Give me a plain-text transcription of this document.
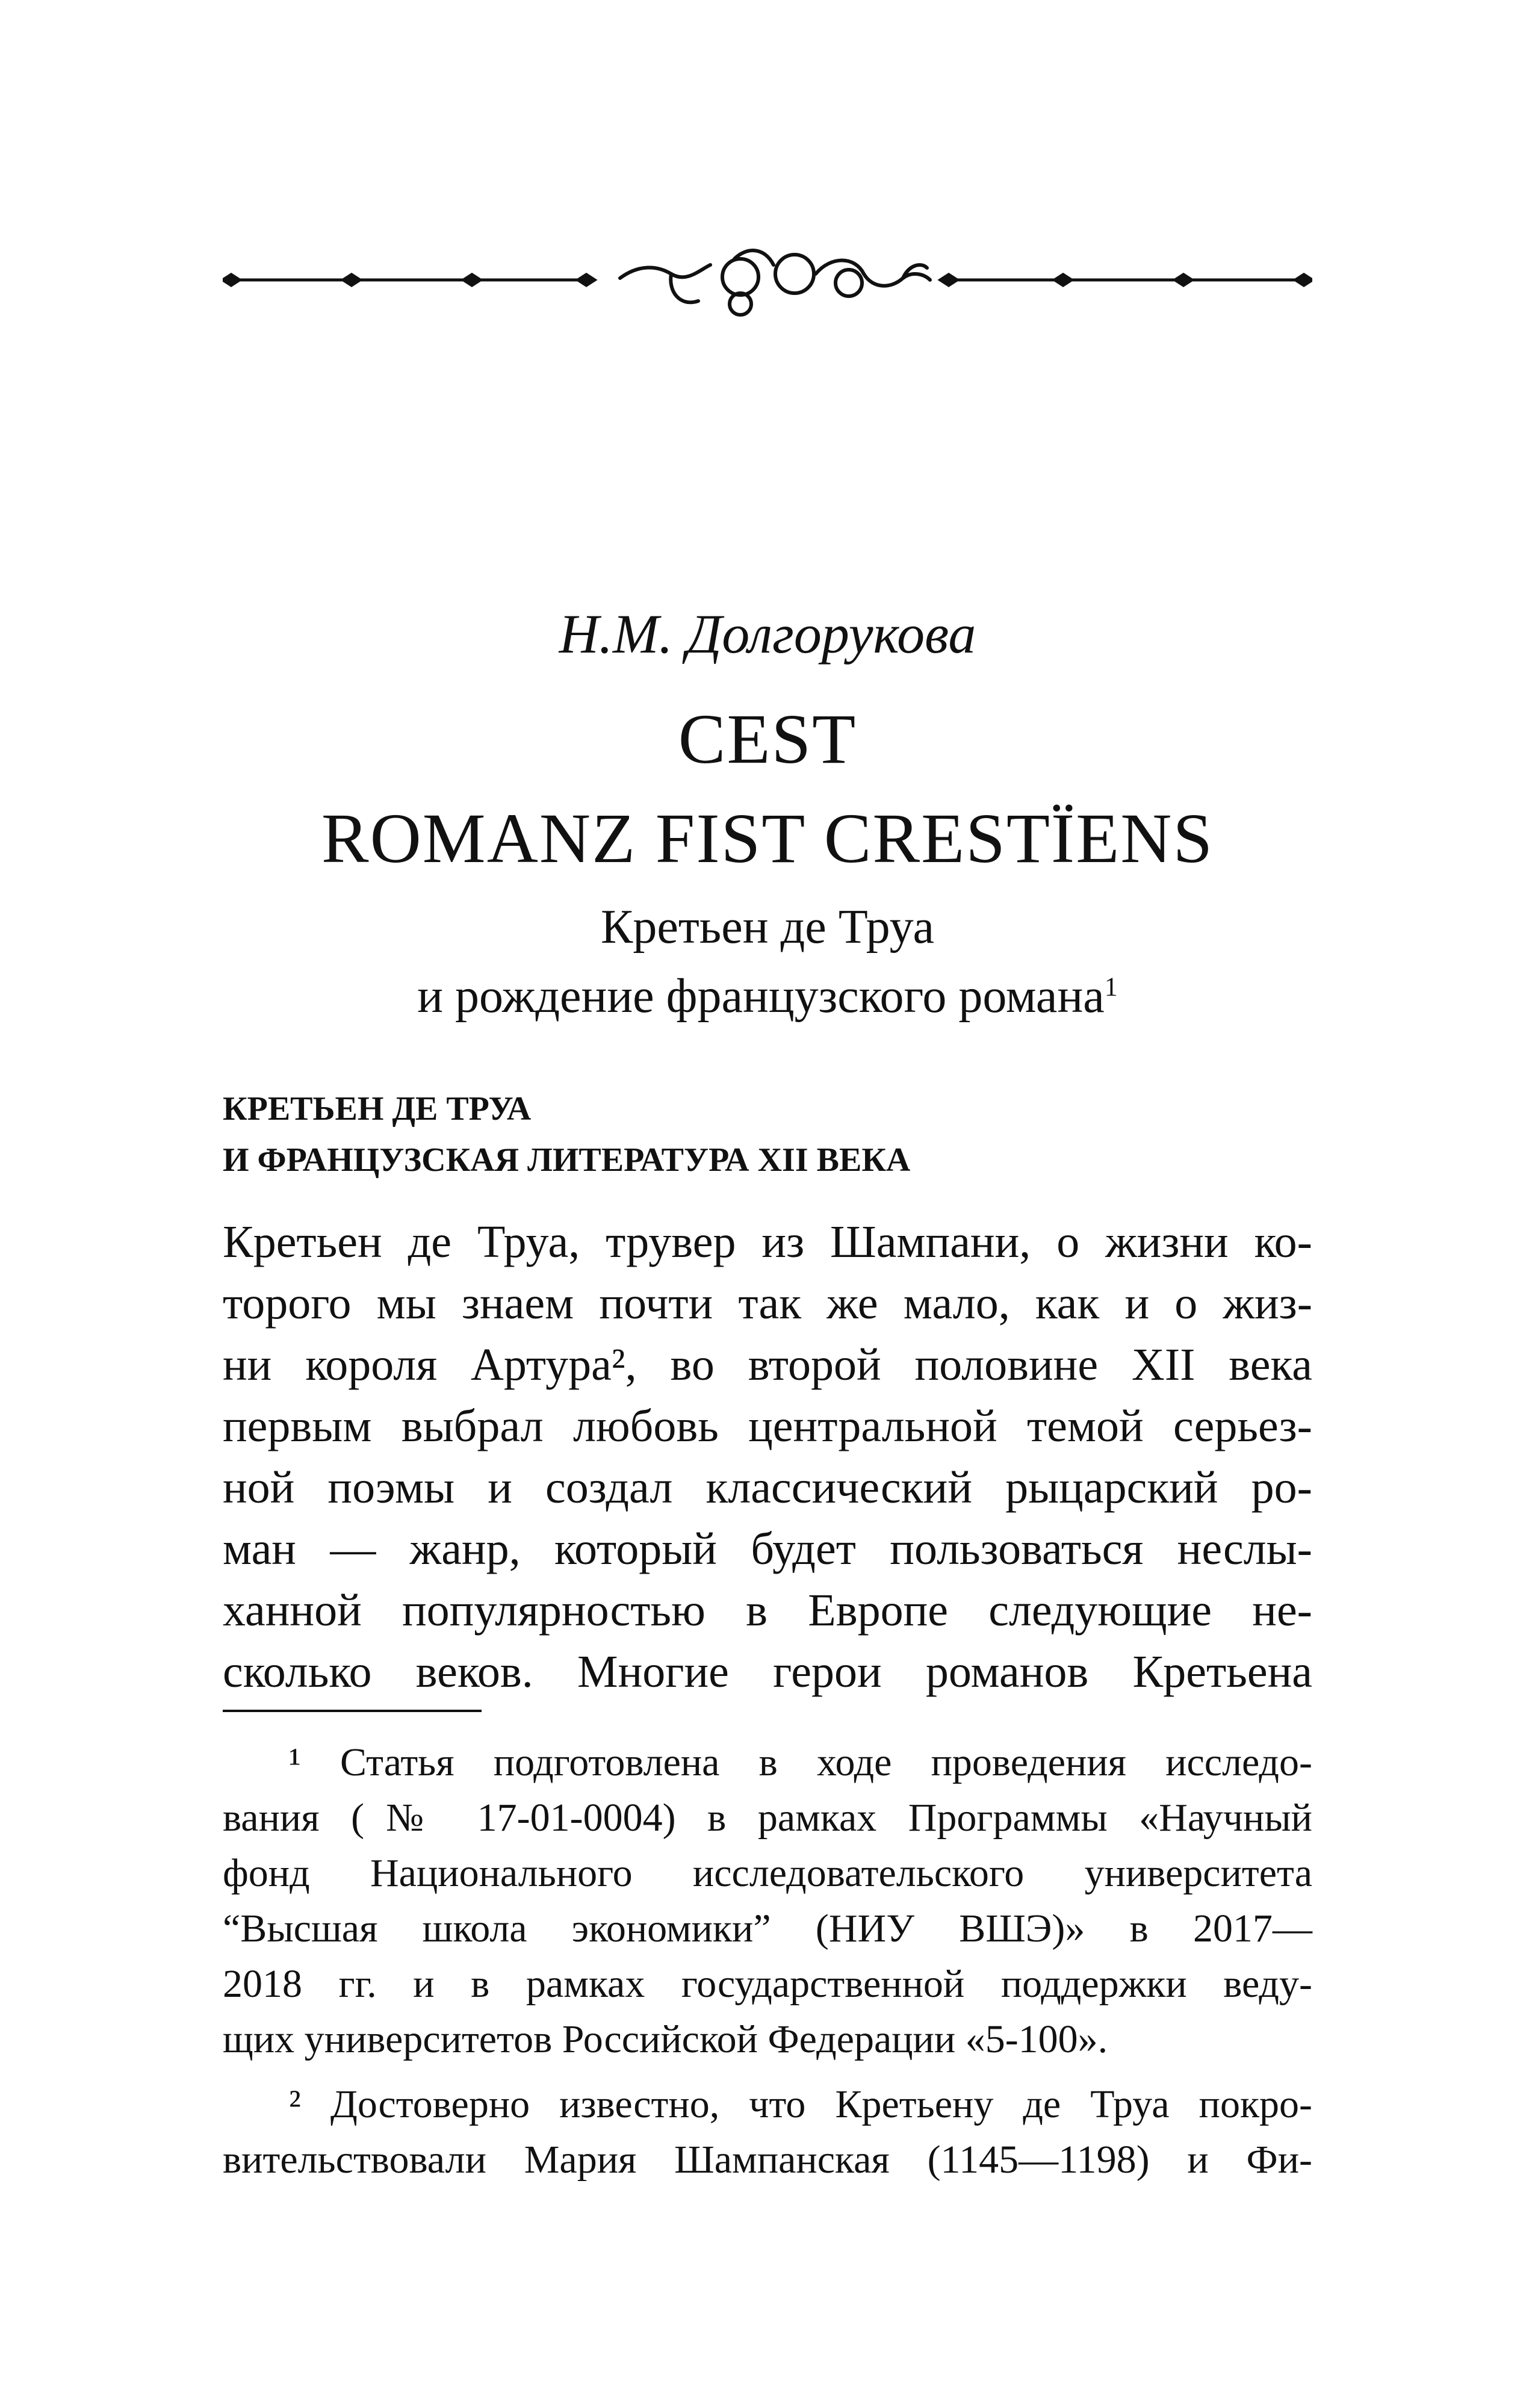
Н.М. Долгорукова
CEST
ROMANZ FIST CRESTÏENS
Кретьен де Труа
и рождение французского романа$^1$
КРЕТЬЕН ДЕ ТРУА
И ФРАНЦУЗСКАЯ ЛИТЕРАТУРА XII ВЕКА
Кретьен де Труа, трувер из Шампани, о жизни ко-
торого мы знаем почти так же мало, как и о жиз-
ни короля Артура², во второй половине XII века
первым выбрал любовь центральной темой серьез-
ной поэмы и создал классический рыцарский ро-
ман — жанр, который будет пользоваться неслы-
ханной популярностью в Европе следующие не-
сколько веков. Многие герои романов Кретьена
¹ Статья подготовлена в ходе проведения исследо-
вания (№ 17-01-0004) в рамках Программы «Научный
фонд Национального исследовательского университета
“Высшая школа экономики” (НИУ ВШЭ)» в 2017—
2018 гг. и в рамках государственной поддержки веду-
щих университетов Российской Федерации «5-100».
² Достоверно известно, что Кретьену де Труа покро-
вительствовали Мария Шампанская (1145—1198) и Фи-
